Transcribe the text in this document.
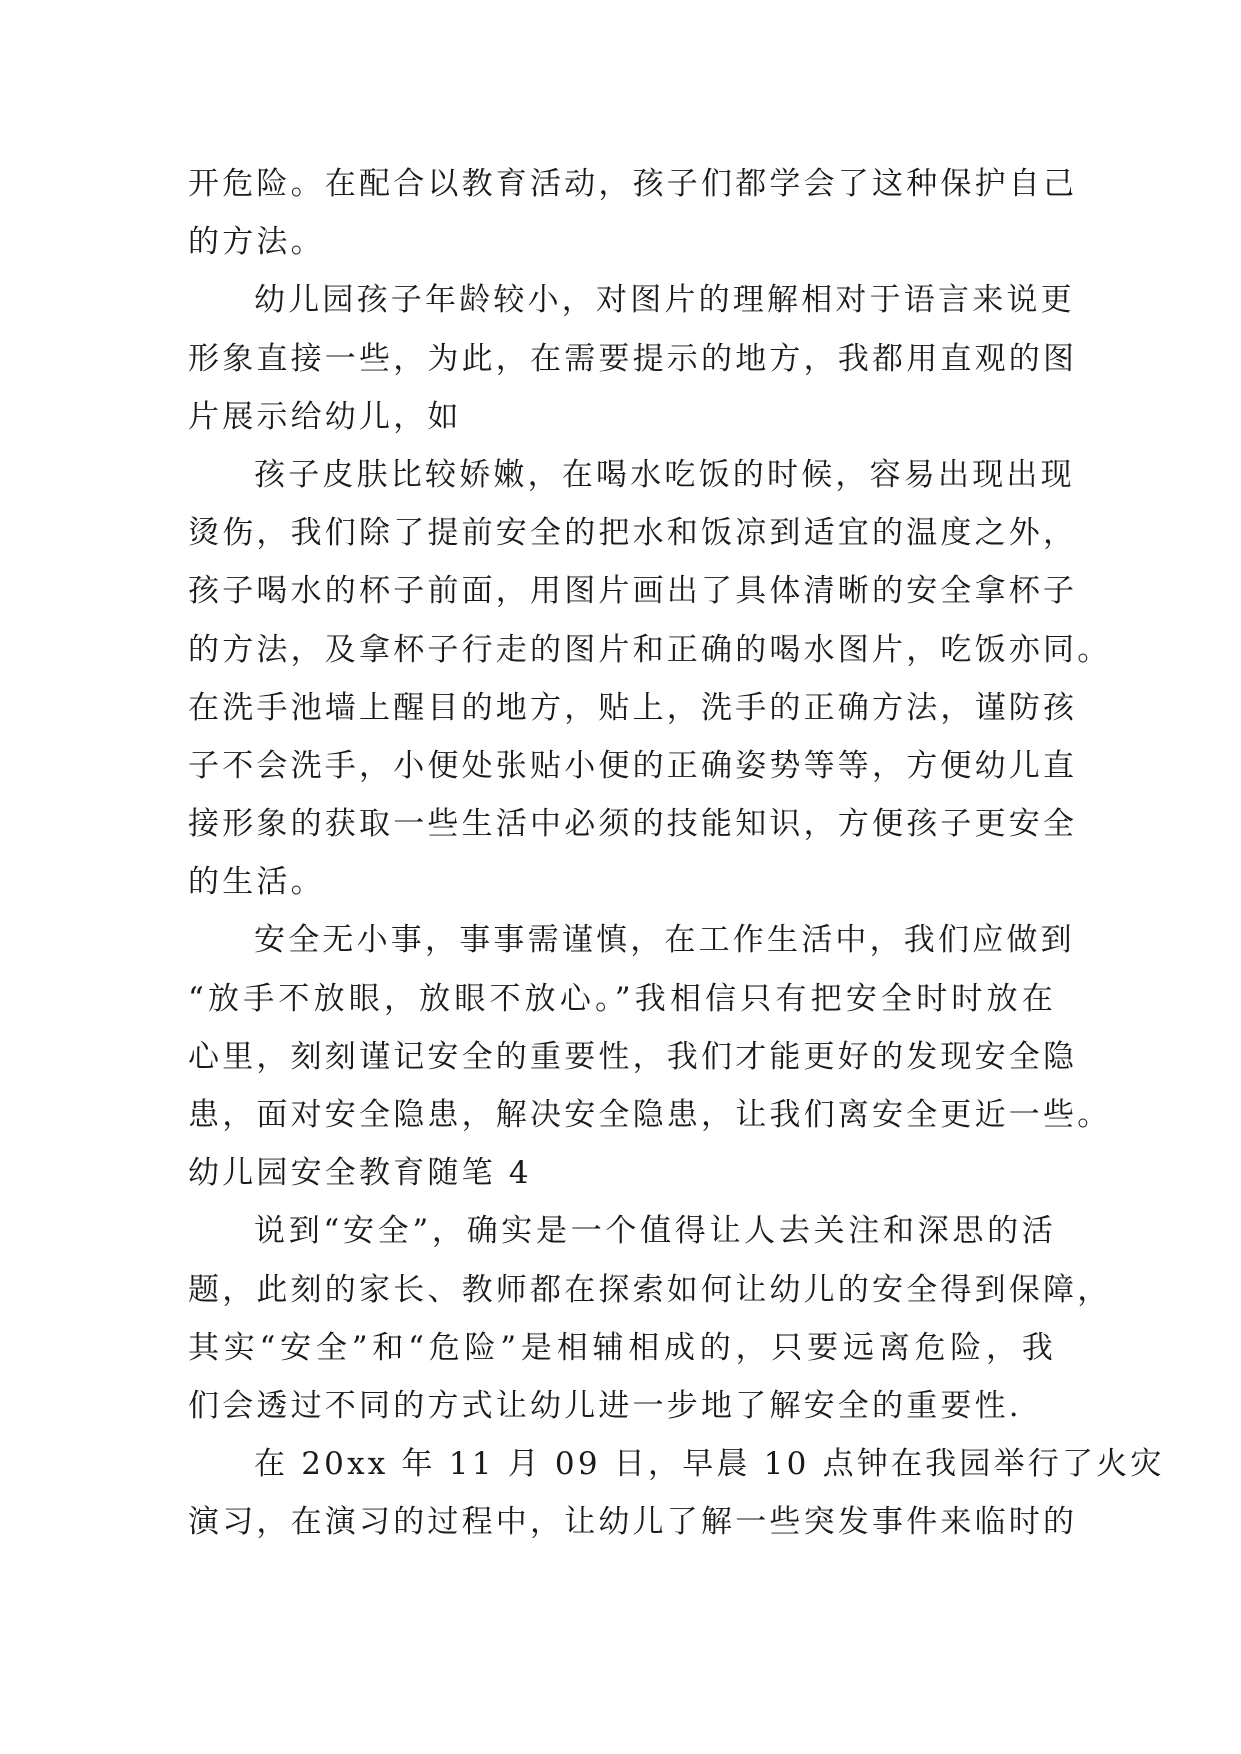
开危险。在配合以教育活动，孩子们都学会了这种保护自己
的方法。
幼儿园孩子年龄较小，对图片的理解相对于语言来说更
形象直接一些，为此，在需要提示的地方，我都用直观的图
片展示给幼儿，如
孩子皮肤比较娇嫩，在喝水吃饭的时候，容易出现出现
烫伤，我们除了提前安全的把水和饭凉到适宜的温度之外，
孩子喝水的杯子前面，用图片画出了具体清晰的安全拿杯子
的方法，及拿杯子行走的图片和正确的喝水图片，吃饭亦同。
在洗手池墙上醒目的地方，贴上，洗手的正确方法，谨防孩
子不会洗手，小便处张贴小便的正确姿势等等，方便幼儿直
接形象的获取一些生活中必须的技能知识，方便孩子更安全
的生活。
安全无小事，事事需谨慎，在工作生活中，我们应做到
“放手不放眼，放眼不放心。”我相信只有把安全时时放在
心里，刻刻谨记安全的重要性，我们才能更好的发现安全隐
患，面对安全隐患，解决安全隐患，让我们离安全更近一些。
幼儿园安全教育随笔 4
说到“安全”，确实是一个值得让人去关注和深思的活
题，此刻的家长、教师都在探索如何让幼儿的安全得到保障，
其实“安全”和“危险”是相辅相成的，只要远离危险，我
们会透过不同的方式让幼儿进一步地了解安全的重要性.
在 20xx 年 11 月 09 日，早晨 10 点钟在我园举行了火灾
演习，在演习的过程中，让幼儿了解一些突发事件来临时的
